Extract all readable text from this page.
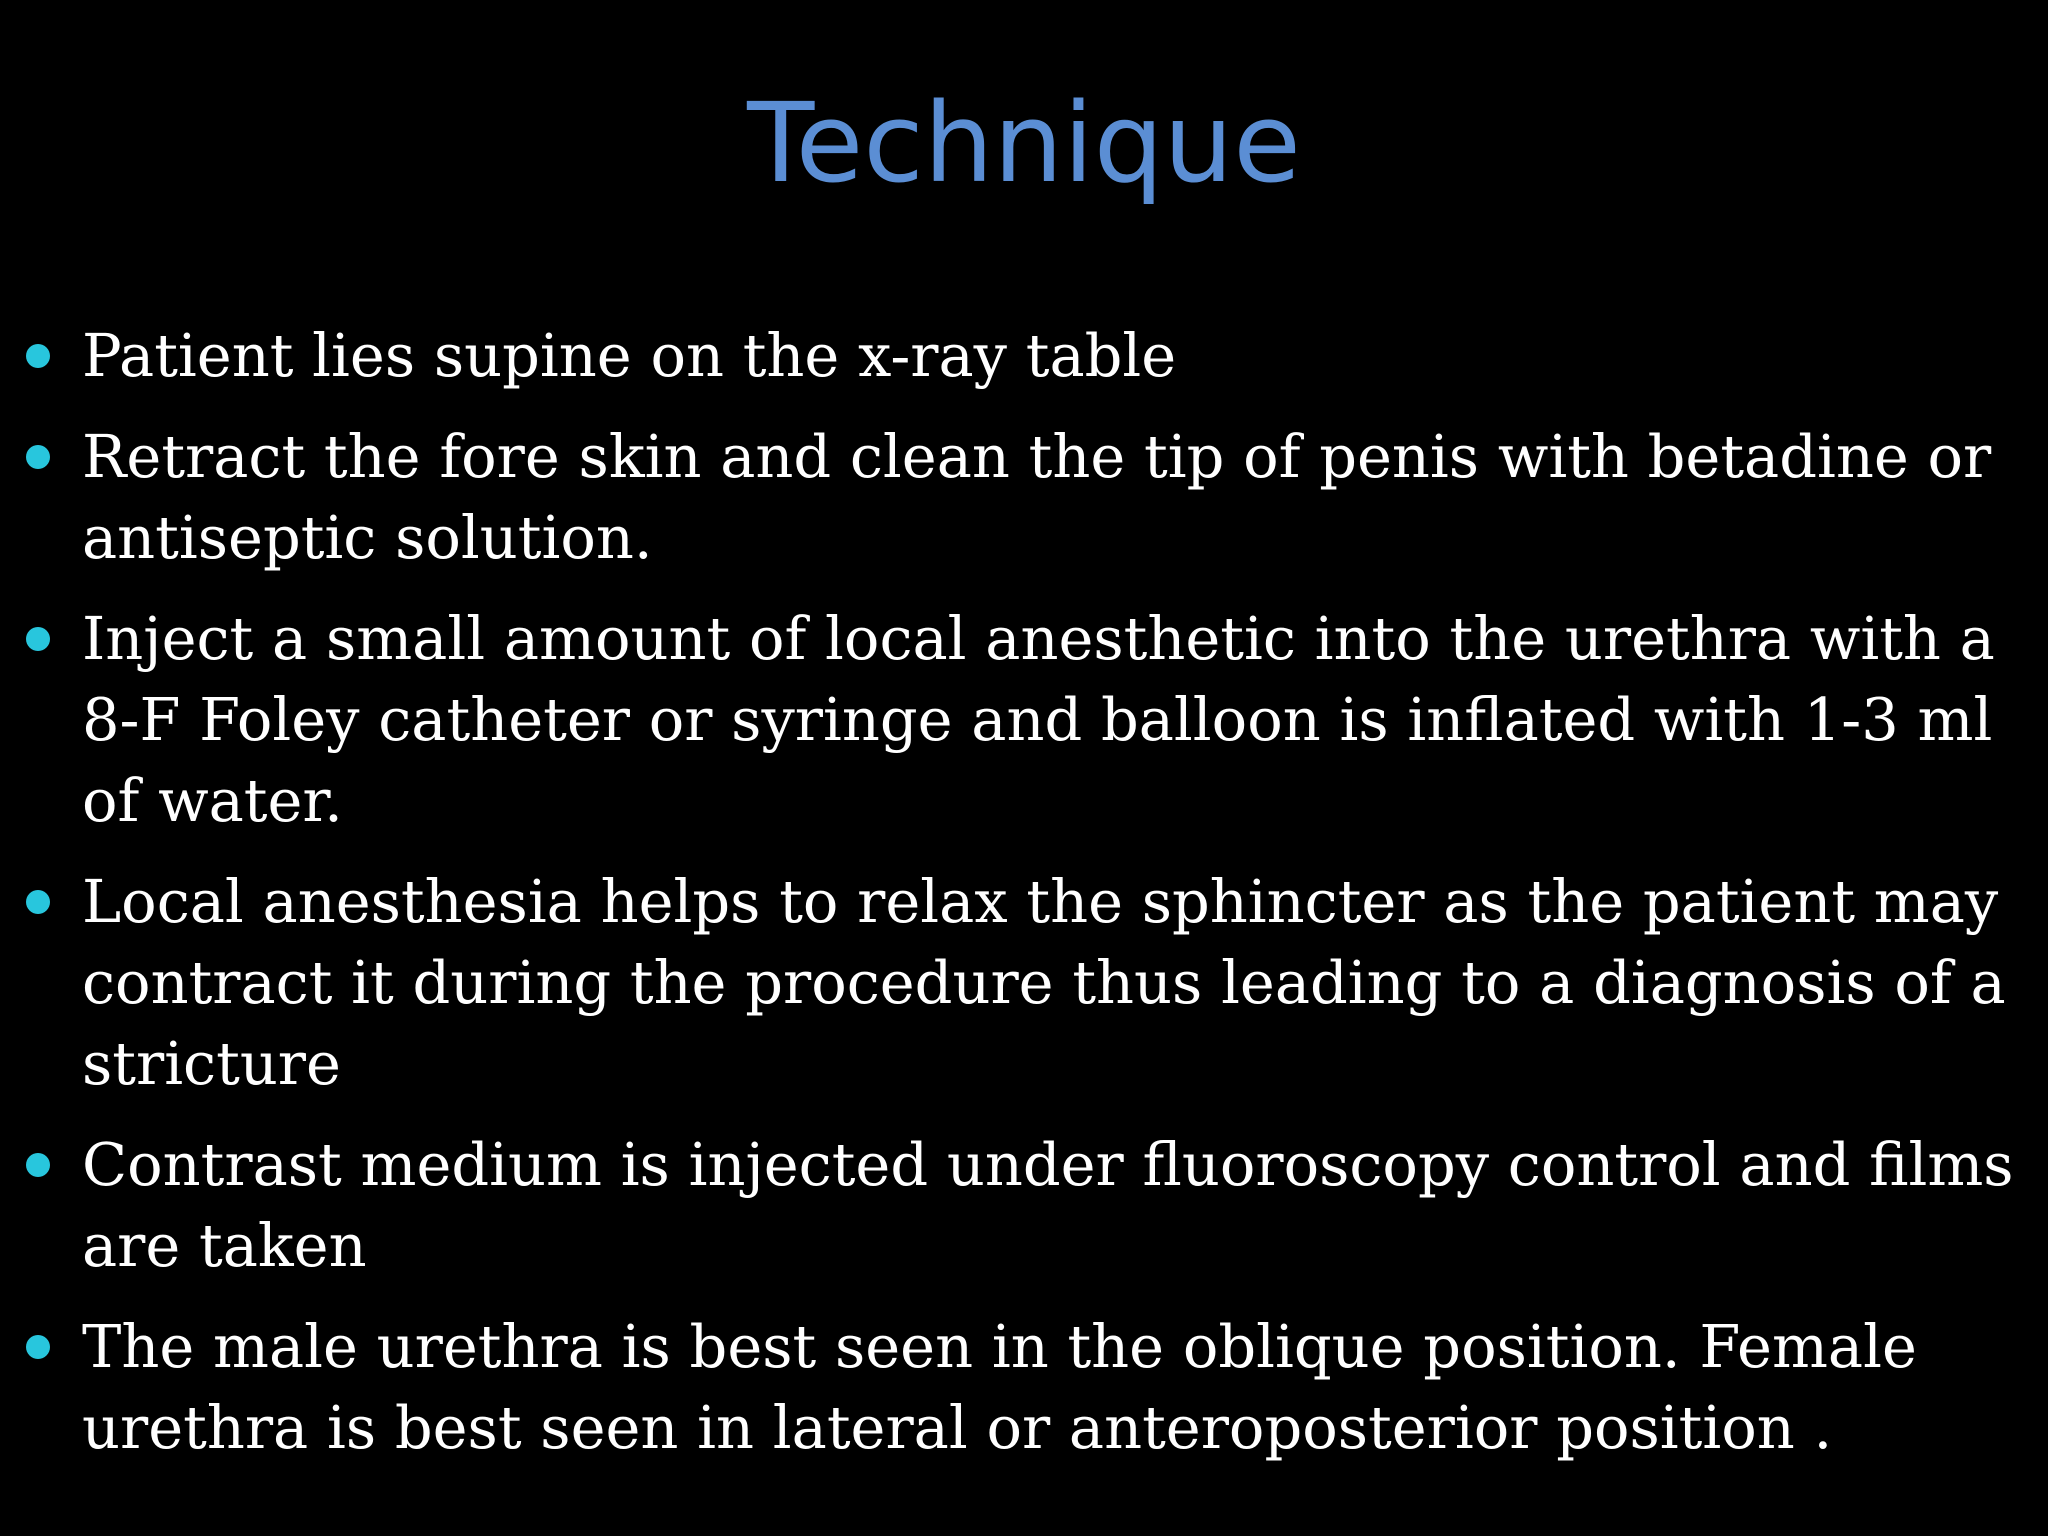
Technique
Patient lies supine on the x-ray table
Retract the fore skin and clean the tip of penis with betadine or antiseptic solution.
Inject a small amount of local anesthetic into the urethra with a 8-F Foley catheter or syringe and balloon is inflated with 1-3 ml of water.
Local anesthesia helps to relax the sphincter as the patient may contract it during the procedure thus leading to a diagnosis of a stricture
Contrast medium is injected under fluoroscopy control and films are taken
The male urethra is best seen in the oblique position. Female urethra is best seen in lateral or anteroposterior position .
